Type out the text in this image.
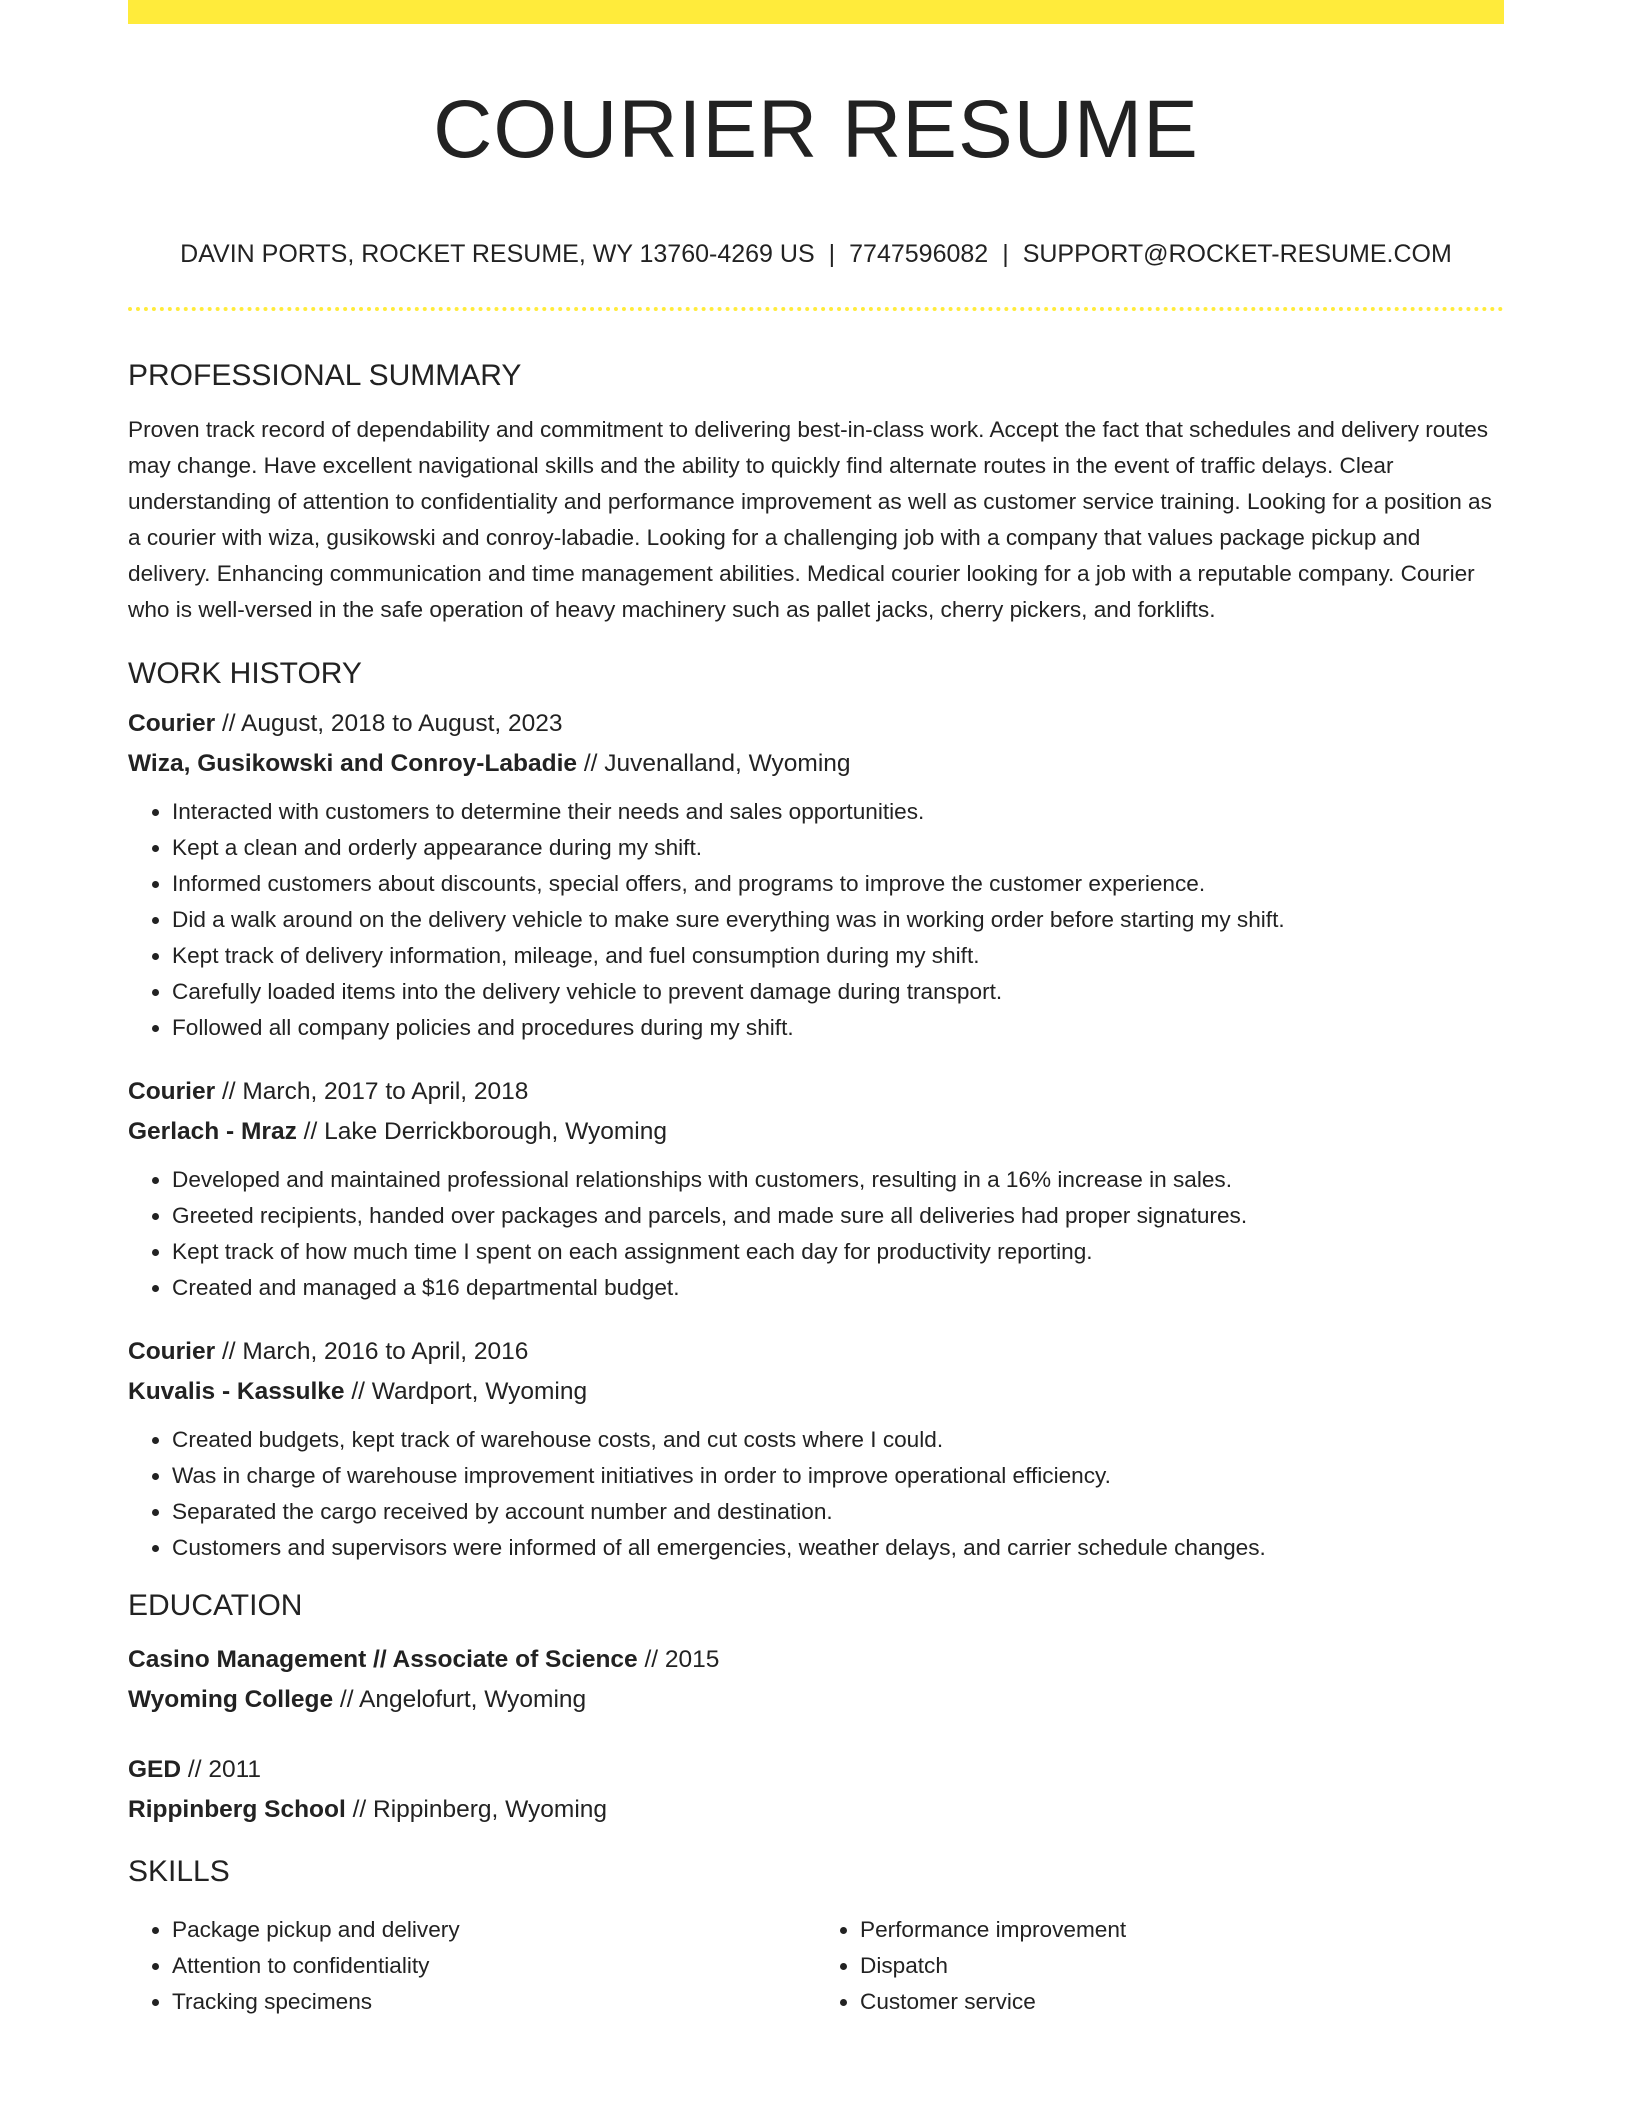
COURIER RESUME
DAVIN PORTS, ROCKET RESUME, WY 13760-4269 US | 7747596082 | SUPPORT@ROCKET-RESUME.COM
PROFESSIONAL SUMMARY

Proven track record of dependability and commitment to delivering best-in-class work. Accept the fact that schedules and delivery routes may change. Have excellent navigational skills and the ability to quickly find alternate routes in the event of traffic delays. Clear understanding of attention to confidentiality and performance improvement as well as customer service training. Looking for a position as a courier with wiza, gusikowski and conroy-labadie. Looking for a challenging job with a company that values package pickup and delivery. Enhancing communication and time management abilities. Medical courier looking for a job with a reputable company. Courier who is well-versed in the safe operation of heavy machinery such as pallet jacks, cherry pickers, and forklifts.

WORK HISTORY

Courier // August, 2018 to August, 2023

Wiza, Gusikowski and Conroy-Labadie // Juvenalland, Wyoming

• Interacted with customers to determine their needs and sales opportunities.
• Kept a clean and orderly appearance during my shift.
• Informed customers about discounts, special offers, and programs to improve the customer experience.
• Did a walk around on the delivery vehicle to make sure everything was in working order before starting my shift.
• Kept track of delivery information, mileage, and fuel consumption during my shift.
• Carefully loaded items into the delivery vehicle to prevent damage during transport.
• Followed all company policies and procedures during my shift.

Courier // March, 2017 to April, 2018

Gerlach - Mraz // Lake Derrickborough, Wyoming

• Developed and maintained professional relationships with customers, resulting in a 16% increase in sales.
• Greeted recipients, handed over packages and parcels, and made sure all deliveries had proper signatures.
• Kept track of how much time I spent on each assignment each day for productivity reporting.
• Created and managed a $16 departmental budget.

Courier // March, 2016 to April, 2016

Kuvalis - Kassulke // Wardport, Wyoming

• Created budgets, kept track of warehouse costs, and cut costs where I could.
• Was in charge of warehouse improvement initiatives in order to improve operational efficiency.
• Separated the cargo received by account number and destination.
• Customers and supervisors were informed of all emergencies, weather delays, and carrier schedule changes.
EDUCATION

Casino Management // Associate of Science // 2015

Wyoming College // Angelofurt, Wyoming

GED // 2011

Rippinberg School // Rippinberg, Wyoming

SKILLS
• Package pickup and delivery
• Attention to confidentiality
• Tracking specimens
• Performance improvement
• Dispatch
• Customer service
